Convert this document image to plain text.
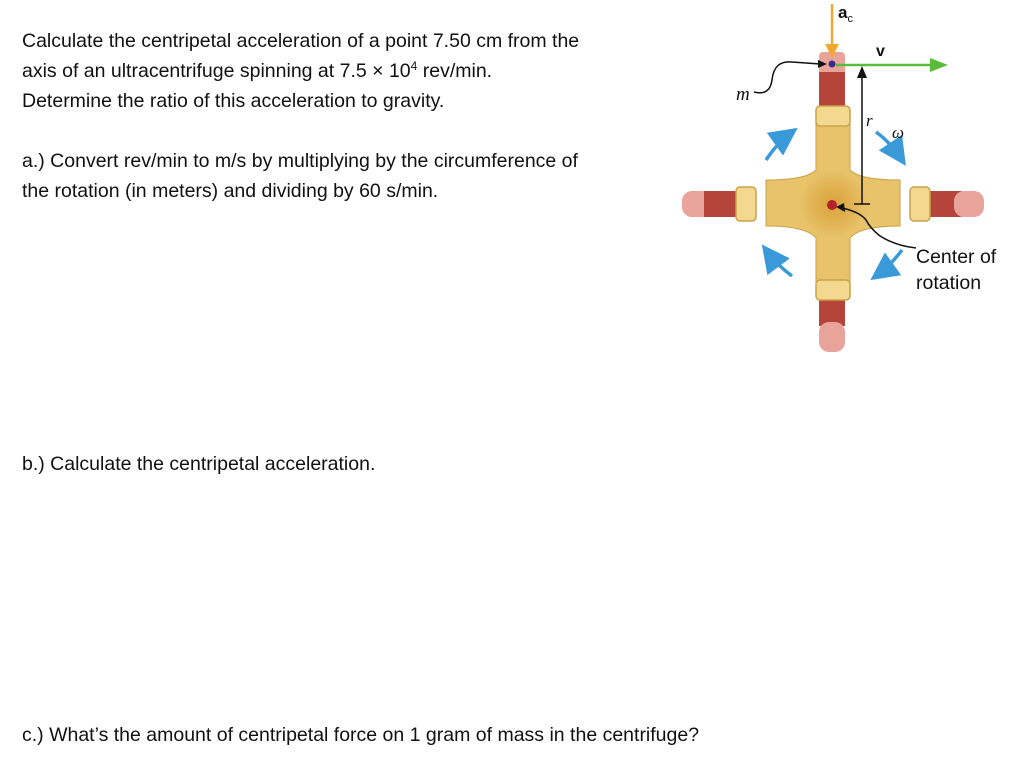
Calculate the centripetal acceleration of a point 7.50 cm from the
axis of an ultracentrifuge spinning at $7.5 \times 10^4$ rev/min.
Determine the ratio of this acceleration to gravity.
a.) Convert rev/min to m/s by multiplying by the circumference of
the rotation (in meters) and dividing by 60 s/min.
b.) Calculate the centripetal acceleration.
c.) What’s the amount of centripetal force on 1 gram of mass in the centrifuge?
$a_c$
v
m
r
ω
Center of
rotation
